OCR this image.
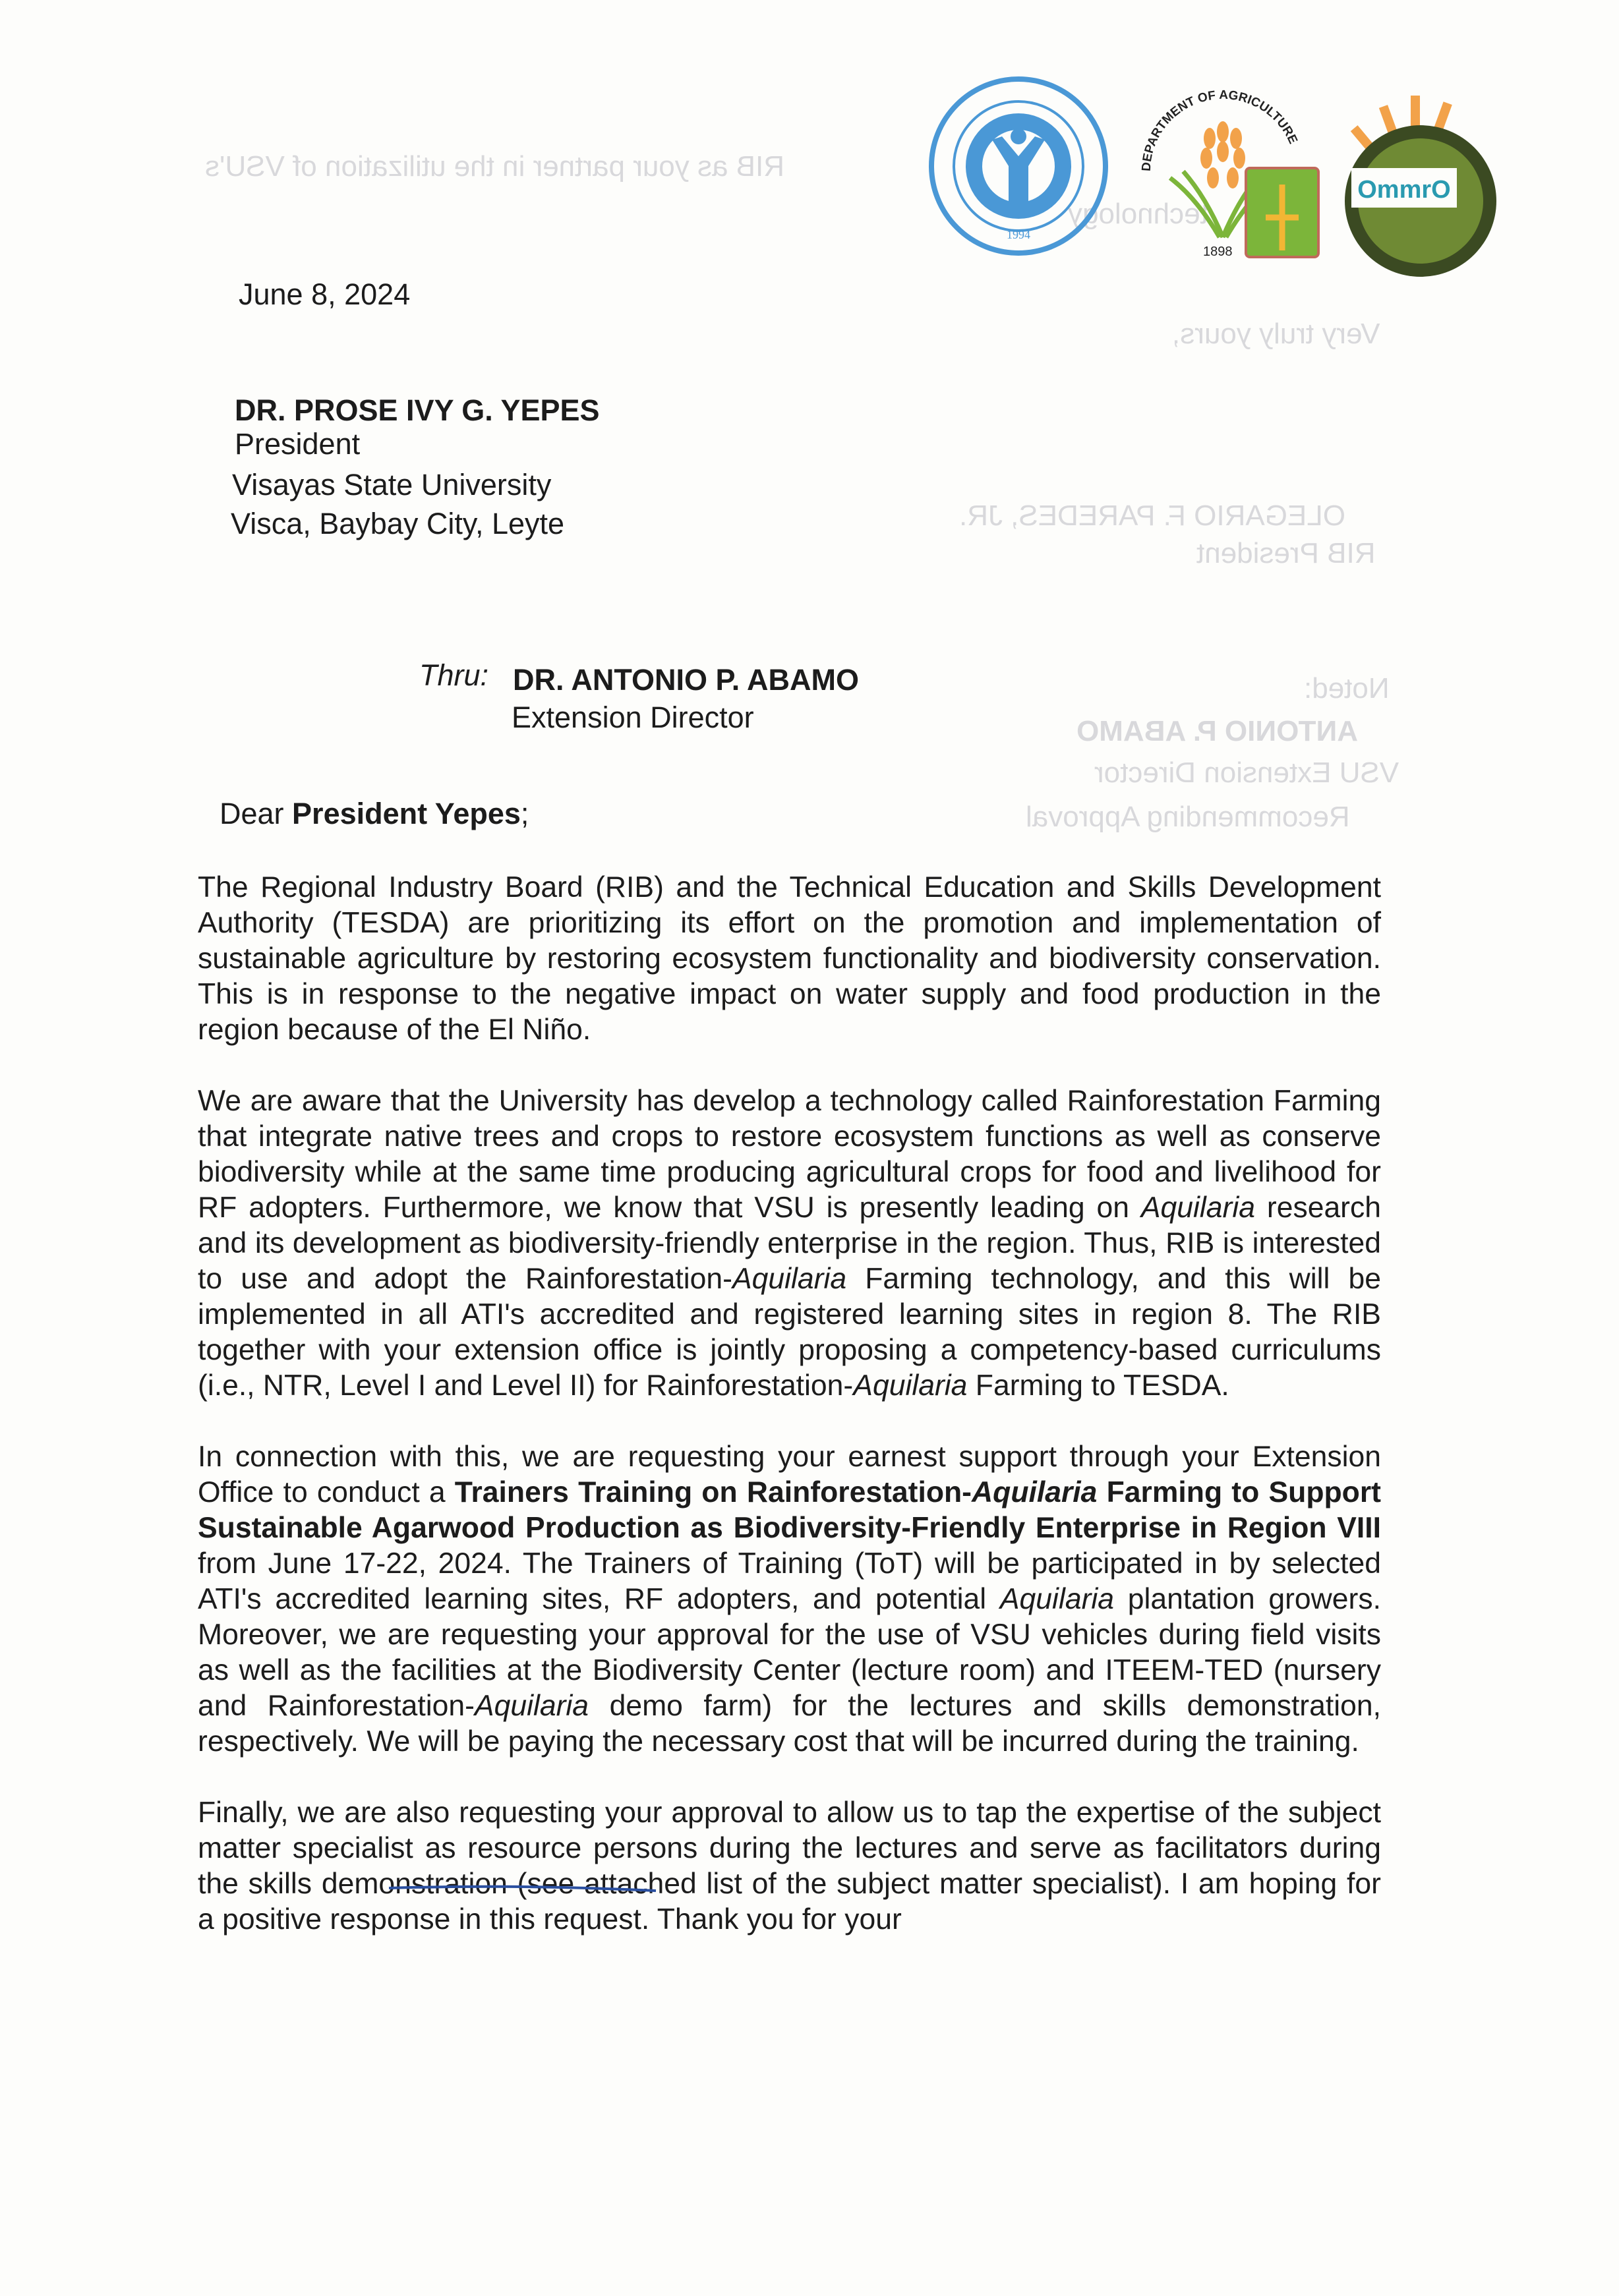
RIB as your partner in the utilization of VSU's
technology
Very truly yours,
OLEGARIO F. PAREDES, JR.
RIB President
Noted:
ANTONIO P. ABAMO
VSU Extension Director
Recommending Approval
1994
DEPARTMENT OF AGRICULTURE
1898
OmmrO
June 8, 2024
DR. PROSE IVY G. YEPES
President
Visayas State University
Visca, Baybay City, Leyte
Thru: DR. ANTONIO P. ABAMO
Extension Director
Dear President Yepes;
The Regional Industry Board (RIB) and the Technical Education and Skills Development Authority (TESDA) are prioritizing its effort on the promotion and implementation of sustainable agriculture by restoring ecosystem functionality and biodiversity conservation. This is in response to the negative impact on water supply and food production in the region because of the El Niño.
We are aware that the University has develop a technology called Rainforestation Farming that integrate native trees and crops to restore ecosystem functions as well as conserve biodiversity while at the same time producing agricultural crops for food and livelihood for RF adopters. Furthermore, we know that VSU is presently leading on Aquilaria research and its development as biodiversity-friendly enterprise in the region. Thus, RIB is interested to use and adopt the Rainforestation-Aquilaria Farming technology, and this will be implemented in all ATI's accredited and registered learning sites in region 8. The RIB together with your extension office is jointly proposing a competency-based curriculums (i.e., NTR, Level I and Level II) for Rainforestation-Aquilaria Farming to TESDA.
In connection with this, we are requesting your earnest support through your Extension Office to conduct a Trainers Training on Rainforestation-Aquilaria Farming to Support Sustainable Agarwood Production as Biodiversity-Friendly Enterprise in Region VIII from June 17-22, 2024. The Trainers of Training (ToT) will be participated in by selected ATI's accredited learning sites, RF adopters, and potential Aquilaria plantation growers. Moreover, we are requesting your approval for the use of VSU vehicles during field visits as well as the facilities at the Biodiversity Center (lecture room) and ITEEM-TED (nursery and Rainforestation-Aquilaria demo farm) for the lectures and skills demonstration, respectively. We will be paying the necessary cost that will be incurred during the training.
Finally, we are also requesting your approval to allow us to tap the expertise of the subject matter specialist as resource persons during the lectures and serve as facilitators during the skills demonstration (see attached list of the subject matter specialist). I am hoping for a positive response in this request. Thank you for your
